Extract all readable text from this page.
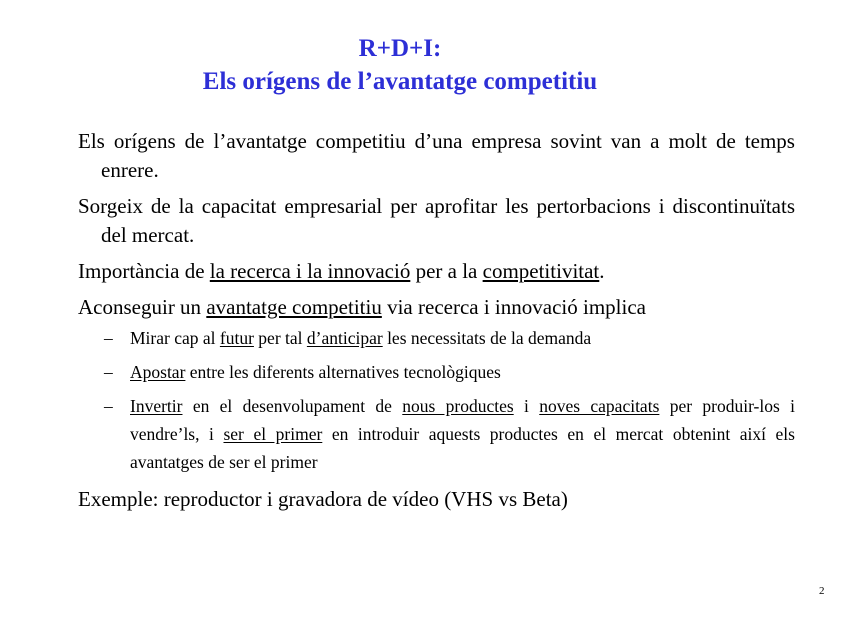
R+D+I:
Els orígens de l’avantatge competitiu

Els orígens de l’avantatge competitiu d’una empresa sovint van a molt de temps enrere.

Sorgeix de la capacitat empresarial per aprofitar les pertorbacions i discontinuïtats del mercat.

Importància de la recerca i la innovació per a la competitivitat.

Aconseguir un avantatge competitiu via recerca i innovació implica

– Mirar cap al futur per tal d’anticipar les necessitats de la demanda
– Apostar entre les diferents alternatives tecnològiques
– Invertir en el desenvolupament de nous productes i noves capacitats per produir-los i vendre’ls, i ser el primer en introduir aquests productes en el mercat obtenint així els avantatges de ser el primer

Exemple: reproductor i gravadora de vídeo (VHS vs Beta)

2
